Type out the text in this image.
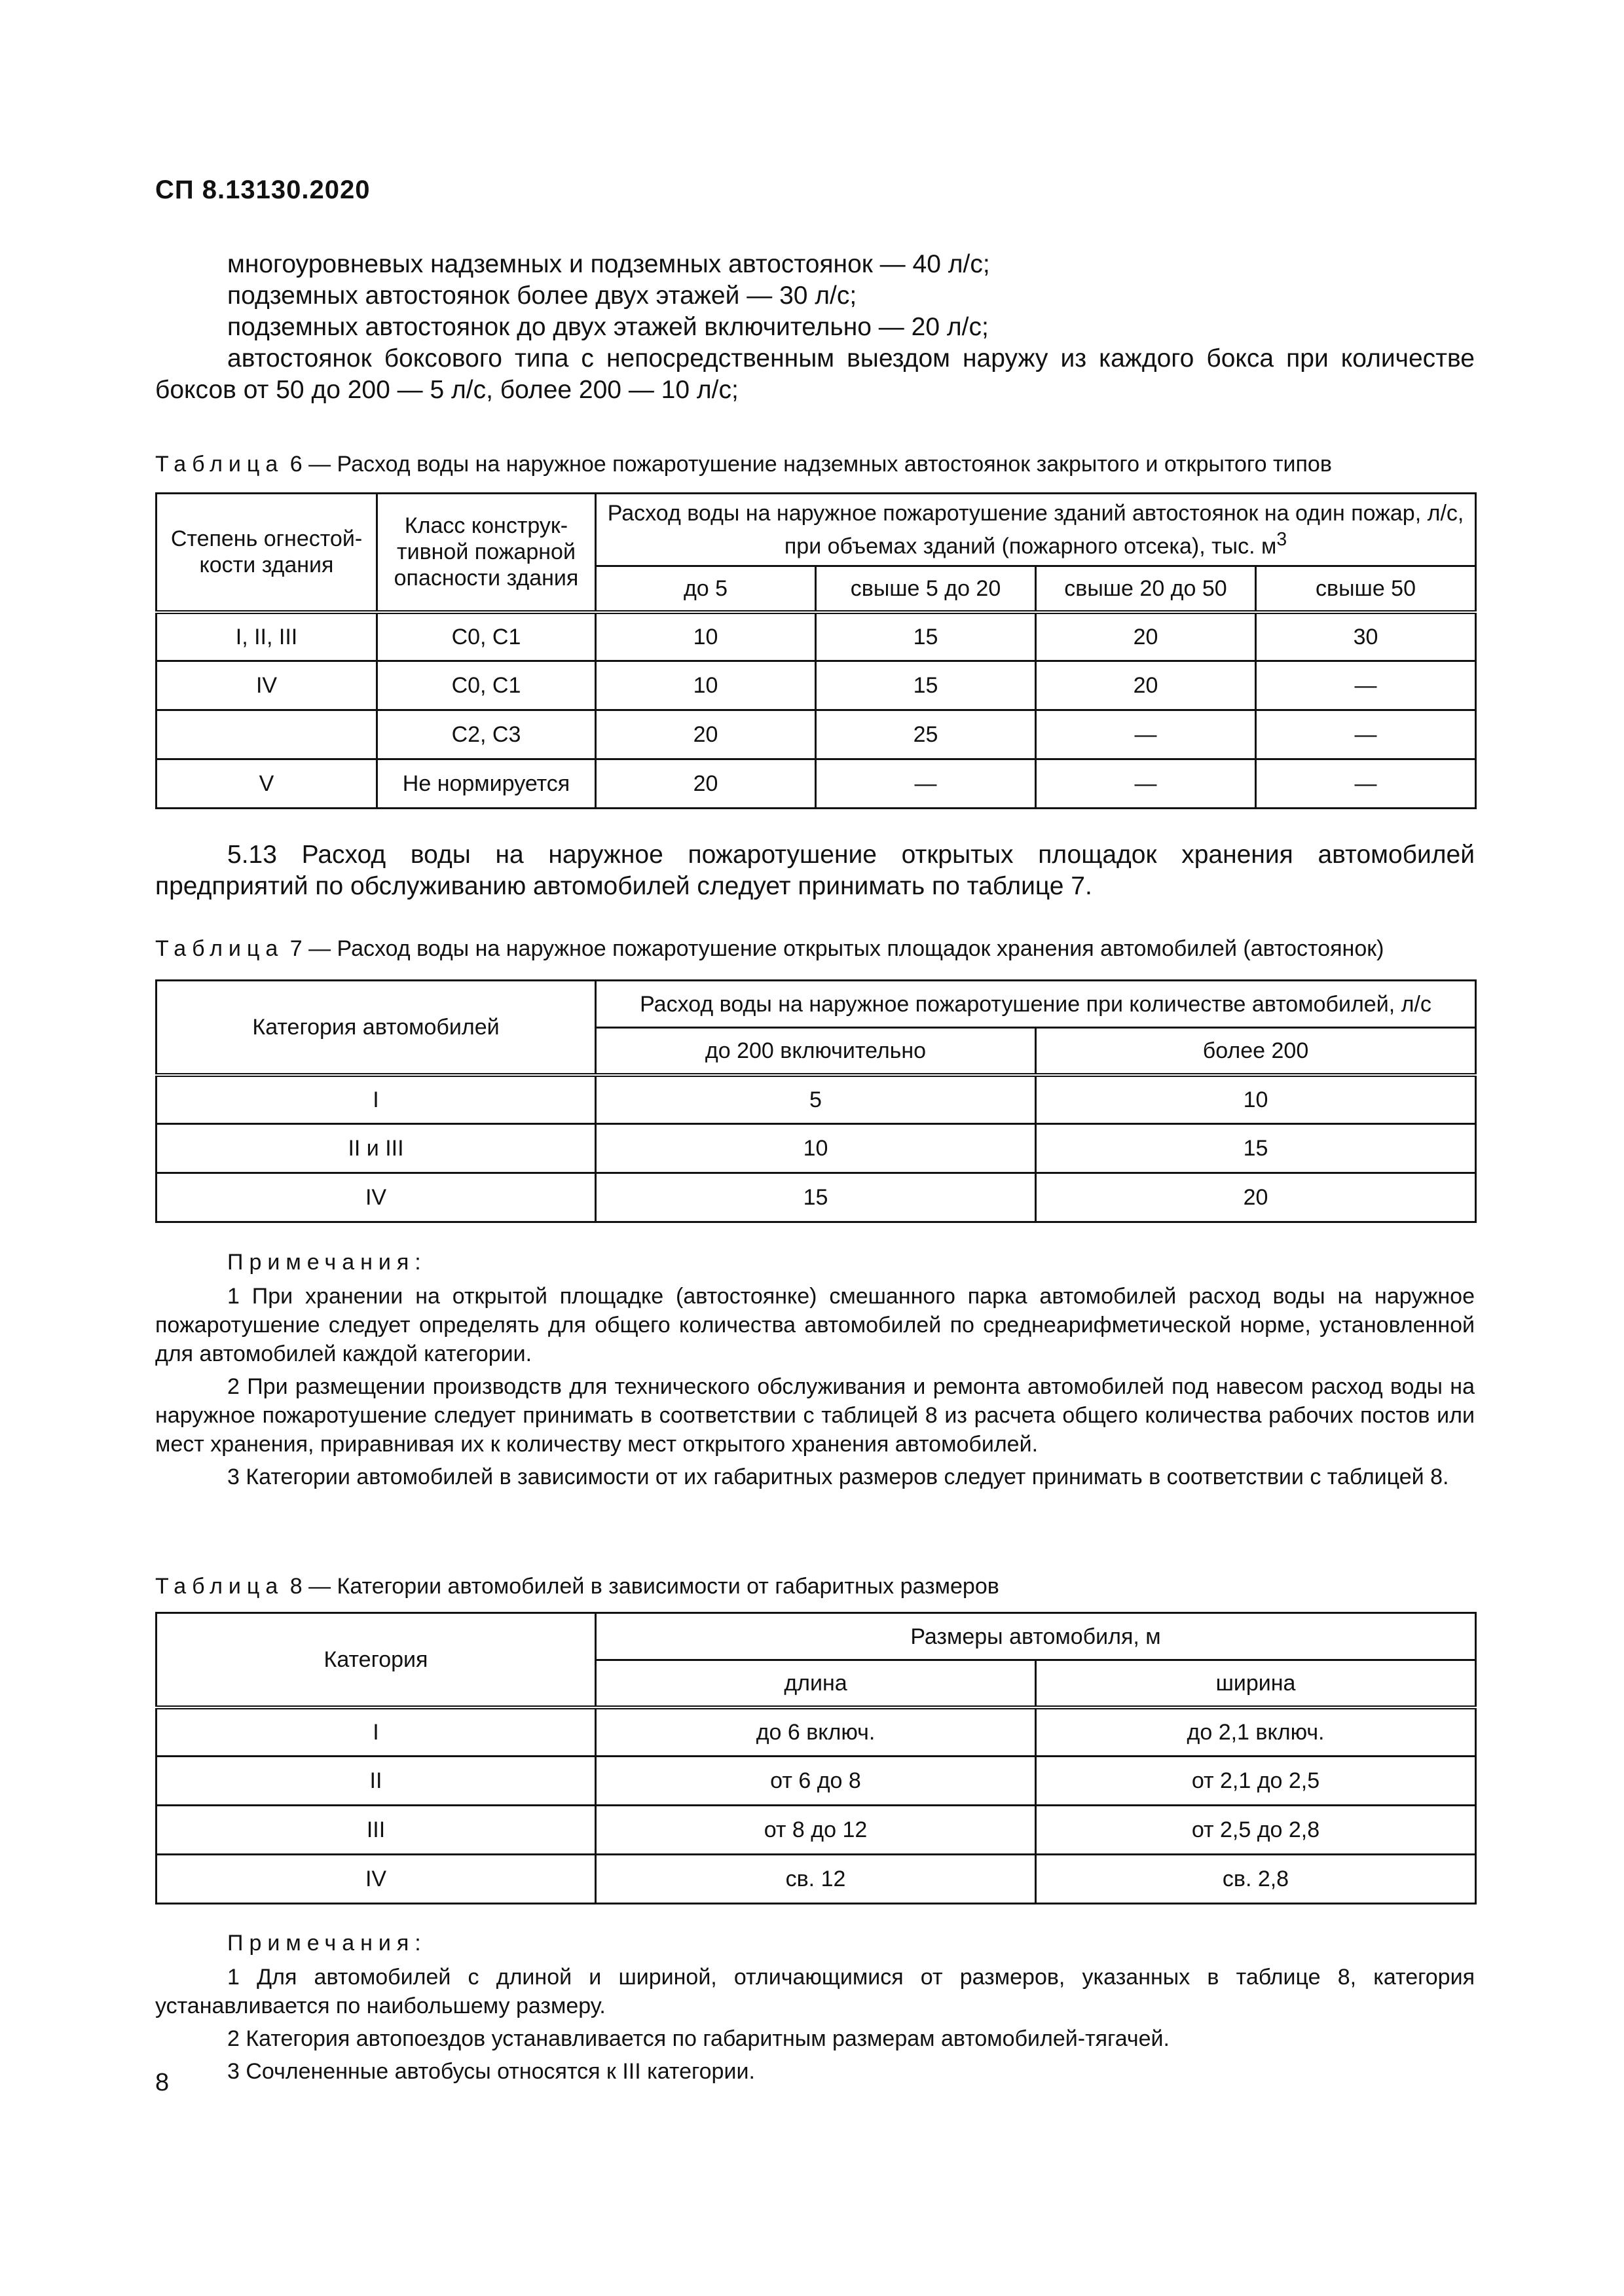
СП 8.13130.2020

многоуровневых надземных и подземных автостоянок — 40 л/с;

подземных автостоянок более двух этажей — 30 л/с;

подземных автостоянок до двух этажей включительно — 20 л/с;

автостоянок боксового типа с непосредственным выездом наружу из каждого бокса при количестве боксов от 50 до 200 — 5 л/с, более 200 — 10 л/с;

Таблица 6 — Расход воды на наружное пожаротушение надземных автостоянок закрытого и открытого типов
Степень огнестой-кости здания	Класс конструк-тивной пожарной опасности здания	Расход воды на наружное пожаротушение зданий автостоянок на один пожар, л/с, при объемах зданий (пожарного отсека), тыс. $м^3$
		до 5	свыше 5 до 20	свыше 20 до 50	свыше 50
I, II, III	С0, С1	10	15	20	30
IV	С0, С1	10	15	20	—
	С2, С3	20	25	—	—
V	Не нормируется	20	—	—	—

5.13 Расход воды на наружное пожаротушение открытых площадок хранения автомобилей предприятий по обслуживанию автомобилей следует принимать по таблице 7.

Таблица 7 — Расход воды на наружное пожаротушение открытых площадок хранения автомобилей (автостоянок)
Категория автомобилей	Расход воды на наружное пожаротушение при количестве автомобилей, л/с	
	до 200 включительно	более 200
I	5	10
II и III	10	15
IV	15	20

Примечания:

1 При хранении на открытой площадке (автостоянке) смешанного парка автомобилей расход воды на наружное пожаротушение следует определять для общего количества автомобилей по среднеарифметической норме, установленной для автомобилей каждой категории.

2 При размещении производств для технического обслуживания и ремонта автомобилей под навесом расход воды на наружное пожаротушение следует принимать в соответствии с таблицей 8 из расчета общего количества рабочих постов или мест хранения, приравнивая их к количеству мест открытого хранения автомобилей.

3 Категории автомобилей в зависимости от их габаритных размеров следует принимать в соответствии с таблицей 8.

Таблица 8 — Категории автомобилей в зависимости от габаритных размеров
Категория	Размеры автомобиля, м	
	длина	ширина
I	до 6 включ.	до 2,1 включ.
II	от 6 до 8	от 2,1 до 2,5
III	от 8 до 12	от 2,5 до 2,8
IV	св. 12	св. 2,8

Примечания:

1 Для автомобилей с длиной и шириной, отличающимися от размеров, указанных в таблице 8, категория устанавливается по наибольшему размеру.

2 Категория автопоездов устанавливается по габаритным размерам автомобилей-тягачей.

3 Сочлененные автобусы относятся к III категории.

8
